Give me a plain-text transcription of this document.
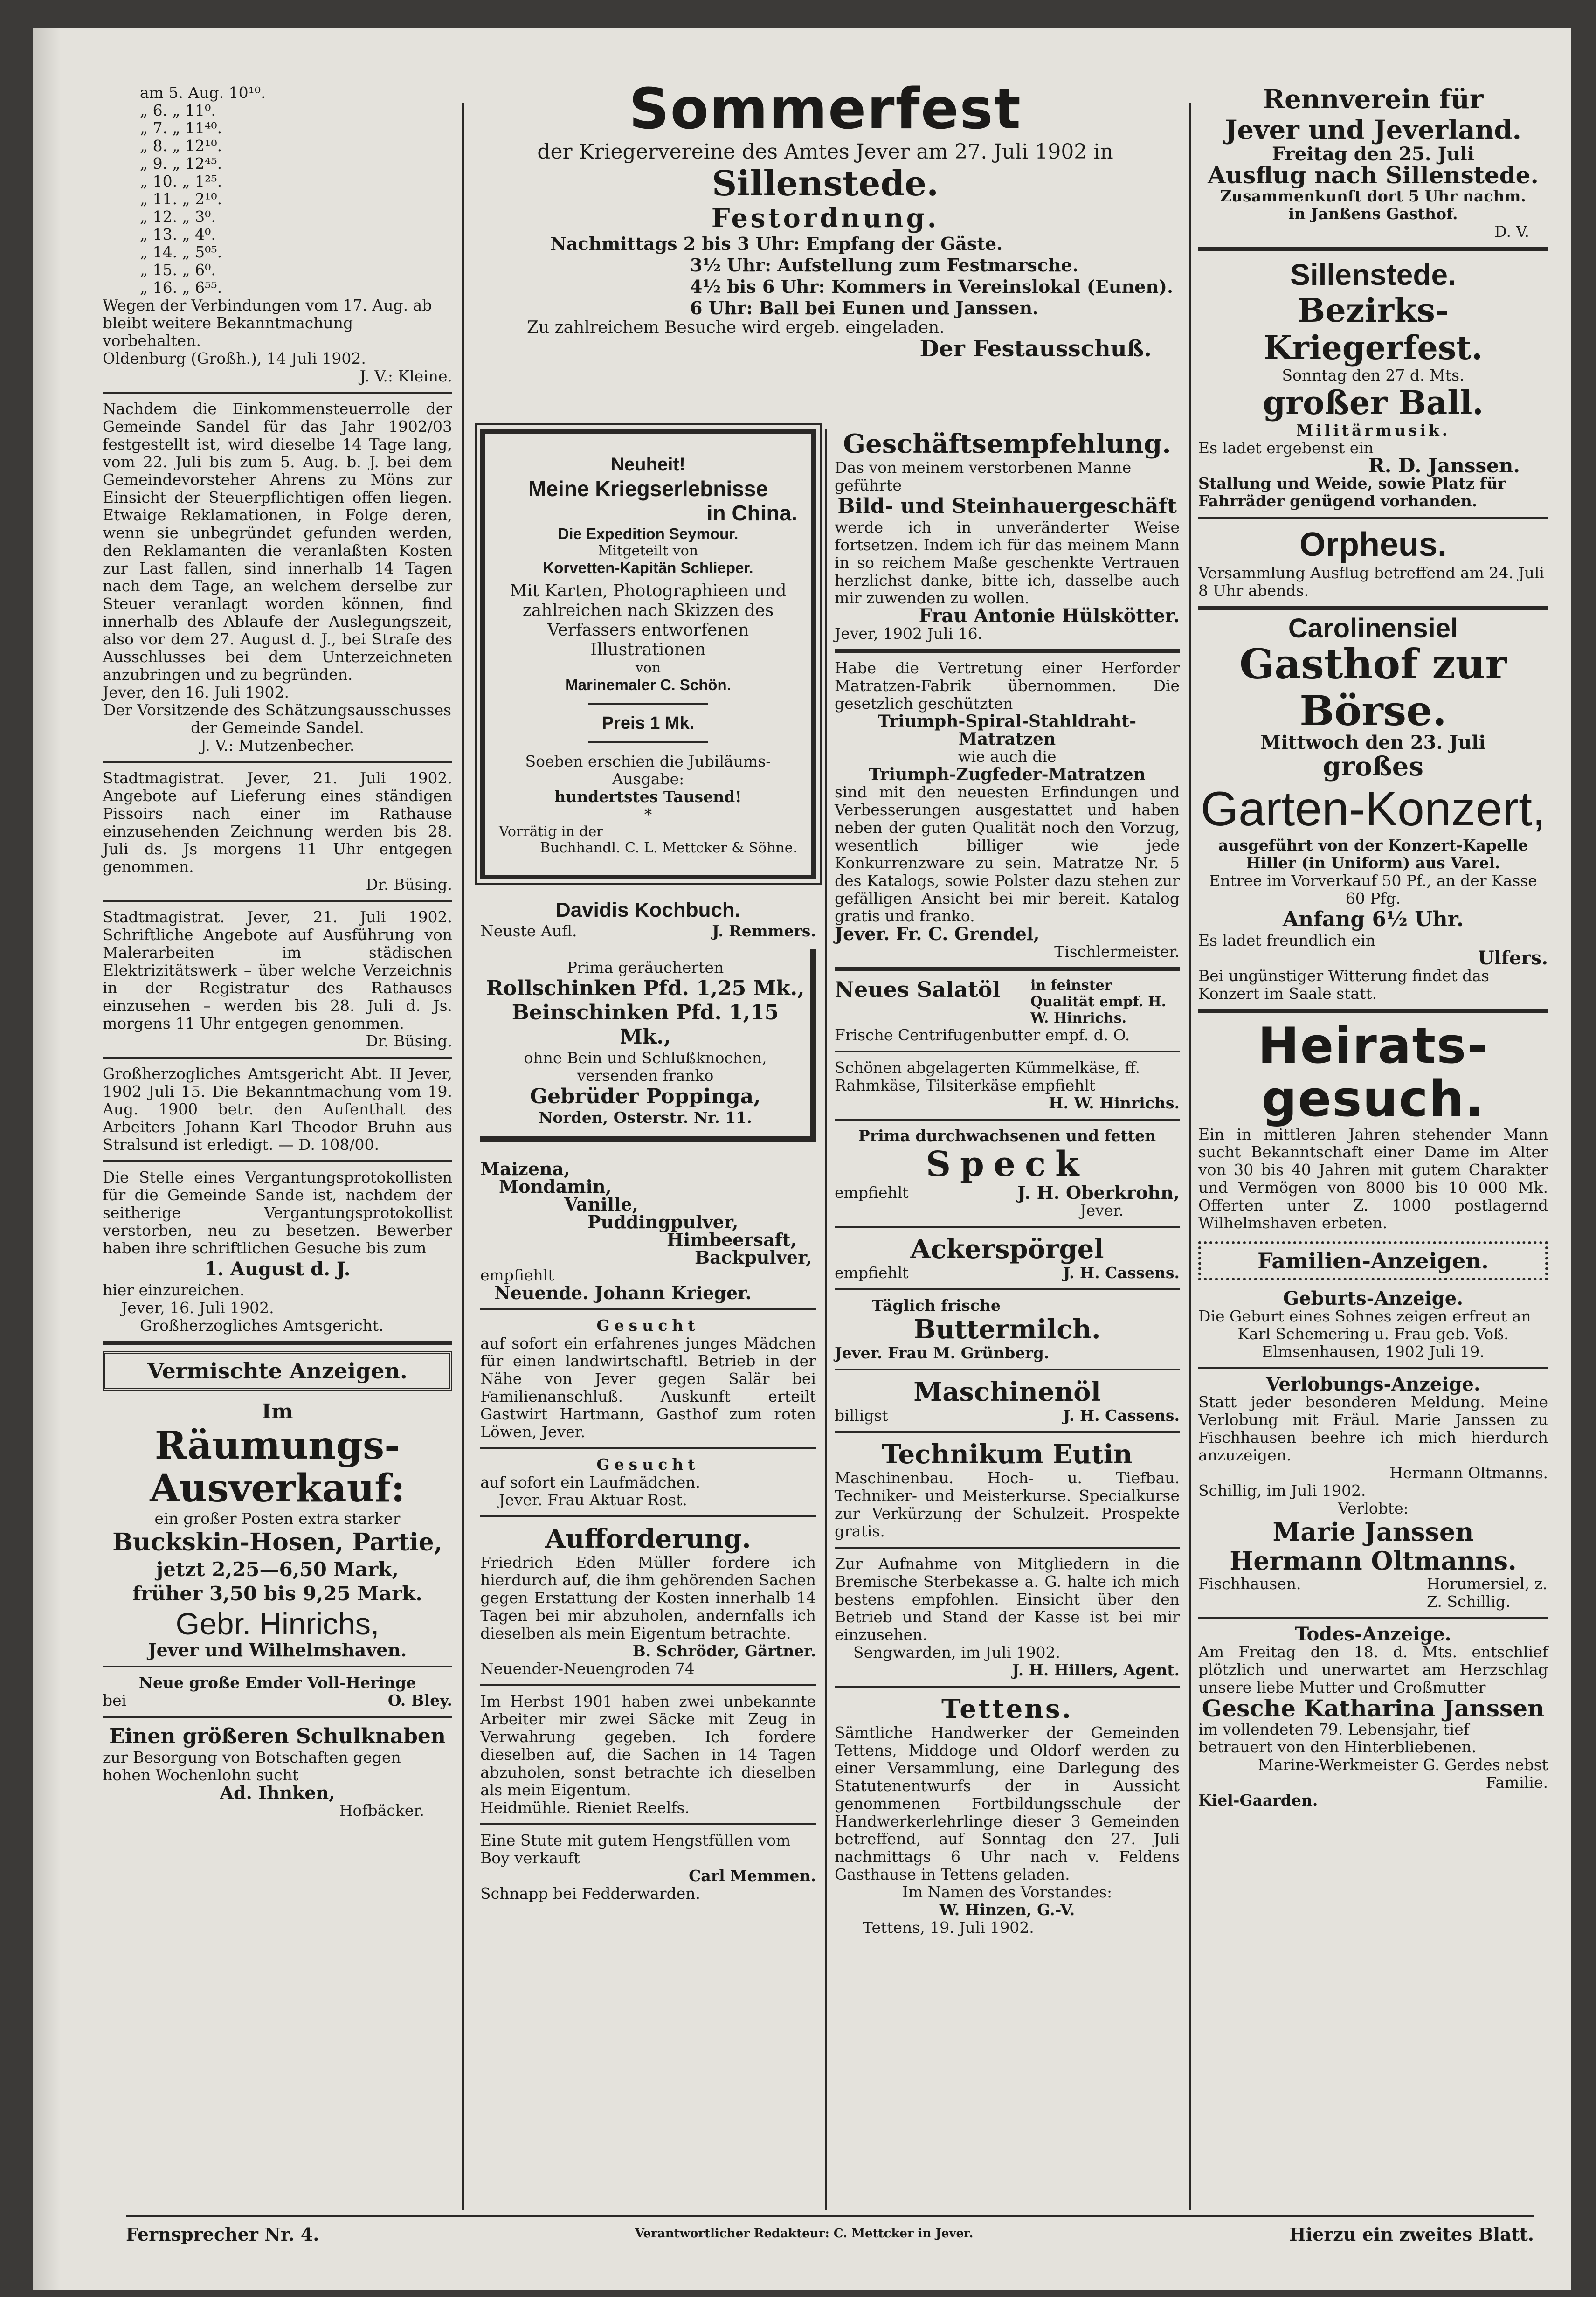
am 5. Aug. 10¹⁰.

„ 6. „ 11⁰.

„ 7. „ 11⁴⁰.

„ 8. „ 12¹⁰.

„ 9. „ 12⁴⁵.

„ 10. „ 1²⁵.

„ 11. „ 2¹⁰.

„ 12. „ 3⁰.

„ 13. „ 4⁰.

„ 14. „ 5⁰⁵.

„ 15. „ 6⁰.

„ 16. „ 6⁵⁵.

Wegen der Verbindungen vom 17. Aug. ab bleibt weitere Bekanntmachung vorbehalten.

Oldenburg (Großh.), 14 Juli 1902.

J. V.: Kleine.

Nachdem die Einkommensteuerrolle der Gemeinde Sandel für das Jahr 1902/03 festgestellt ist, wird dieselbe 14 Tage lang, vom 22. Juli bis zum 5. Aug. b. J. bei dem Gemeindevorsteher Ahrens zu Möns zur Einsicht der Steuerpflichtigen offen liegen. Etwaige Reklamationen, in Folge deren, wenn sie unbegründet gefunden werden, den Reklamanten die veranlaßten Kosten zur Last fallen, sind innerhalb 14 Tagen nach dem Tage, an welchem derselbe zur Steuer veranlagt worden können, find innerhalb des Ablaufe der Auslegungszeit, also vor dem 27. August d. J., bei Strafe des Ausschlusses bei dem Unterzeichneten anzubringen und zu begründen.

Jever, den 16. Juli 1902.

Der Vorsitzende des Schätzungsausschusses der Gemeinde Sandel.

J. V.: Mutzenbecher.

Stadtmagistrat. Jever, 21. Juli 1902. Angebote auf Lieferung eines ständigen Pissoirs nach einer im Rathause einzusehenden Zeichnung werden bis 28. Juli ds. Js morgens 11 Uhr entgegen genommen.

Dr. Büsing.

Stadtmagistrat. Jever, 21. Juli 1902. Schriftliche Angebote auf Ausführung von Malerarbeiten im städischen Elektrizitätswerk – über welche Verzeichnis in der Registratur des Rathauses einzusehen – werden bis 28. Juli d. Js. morgens 11 Uhr entgegen genommen.

Dr. Büsing.

Großherzogliches Amtsgericht Abt. II Jever, 1902 Juli 15. Die Bekanntmachung vom 19. Aug. 1900 betr. den Aufenthalt des Arbeiters Johann Karl Theodor Bruhn aus Stralsund ist erledigt. — D. 108/00.

Die Stelle eines Vergantungsprotokollisten für die Gemeinde Sande ist, nachdem der seitherige Vergantungsprotokollist verstorben, neu zu besetzen. Bewerber haben ihre schriftlichen Gesuche bis zum

1. August d. J.

hier einzureichen.

Jever, 16. Juli 1902.

Großherzogliches Amtsgericht.

Vermischte Anzeigen.

Im

Räumungs-

Ausverkauf:

ein großer Posten extra starker

Buckskin-Hosen, Partie,

jetzt 2,25—6,50 Mark,

früher 3,50 bis 9,25 Mark.

Gebr. Hinrichs,

Jever und Wilhelmshaven.

Neue große Emder Voll-Heringe

bei	O. Bley.

Einen größeren Schulknaben

zur Besorgung von Botschaften gegen hohen Wochenlohn sucht

Ad. Ihnken,

Hofbäcker.

Sommerfest

der Kriegervereine des Amtes Jever am 27. Juli 1902 in

Sillenstede.

Festordnung.

Nachmittags 2 bis 3 Uhr: Empfang der Gäste.

3½ Uhr: Aufstellung zum Festmarsche.

4½ bis 6 Uhr: Kommers in Vereinslokal (Eunen).

6 Uhr: Ball bei Eunen und Janssen.

Zu zahlreichem Besuche wird ergeb. eingeladen.

Der Festausschuß.

Neuheit!

Meine Kriegserlebnisse

in China.

Die Expedition Seymour.

Mitgeteilt von

Korvetten-Kapitän Schlieper.

Mit Karten, Photographieen und zahlreichen nach Skizzen des Verfassers entworfenen Illustrationen

von

Marinemaler C. Schön.

Preis 1 Mk.

Soeben erschien die Jubiläums-Ausgabe:

hundertstes Tausend!

*

Vorrätig in der

Buchhandl. C. L. Mettcker & Söhne.

Davidis Kochbuch.

Neuste Aufl.	J. Remmers.

Prima geräucherten

Rollschinken Pfd. 1,25 Mk.,

Beinschinken Pfd. 1,15 Mk.,

ohne Bein und Schlußknochen,

versenden franko

Gebrüder Poppinga,

Norden, Osterstr. Nr. 11.

Maizena,

Mondamin,

Vanille,

Puddingpulver,

Himbeersaft,

Backpulver,

empfiehlt

Neuende. Johann Krieger.

Gesucht

auf sofort ein erfahrenes junges Mädchen für einen landwirtschaftl. Betrieb in der Nähe von Jever gegen Salär bei Familienanschluß. Auskunft erteilt Gastwirt Hartmann, Gasthof zum roten Löwen, Jever.

Gesucht

auf sofort ein Laufmädchen.

Jever. Frau Aktuar Rost.

Aufforderung.

Friedrich Eden Müller fordere ich hierdurch auf, die ihm gehörenden Sachen gegen Erstattung der Kosten innerhalb 14 Tagen bei mir abzuholen, andernfalls ich dieselben als mein Eigentum betrachte.

B. Schröder, Gärtner.

Neuender-Neuengroden 74

Im Herbst 1901 haben zwei unbekannte Arbeiter mir zwei Säcke mit Zeug in Verwahrung gegeben. Ich fordere dieselben auf, die Sachen in 14 Tagen abzuholen, sonst betrachte ich dieselben als mein Eigentum.

Heidmühle. Rieniet Reelfs.

Eine Stute mit gutem Hengstfüllen vom Boy verkauft

Carl Memmen.

Schnapp bei Fedderwarden.

Geschäftsempfehlung.

Das von meinem verstorbenen Manne geführte

Bild- und Steinhauergeschäft

werde ich in unveränderter Weise fortsetzen. Indem ich für das meinem Mann in so reichem Maße geschenkte Vertrauen herzlichst danke, bitte ich, dasselbe auch mir zuwenden zu wollen.

Frau Antonie Hülskötter.

Jever, 1902 Juli 16.

Habe die Vertretung einer Herforder Matratzen-Fabrik übernommen. Die gesetzlich geschützten

Triumph-Spiral-Stahldraht-Matratzen

wie auch die

Triumph-Zugfeder-Matratzen

sind mit den neuesten Erfindungen und Verbesserungen ausgestattet und haben neben der guten Qualität noch den Vorzug, wesentlich billiger wie jede Konkurrenzware zu sein. Matratze Nr. 5 des Katalogs, sowie Polster dazu stehen zur gefälligen Ansicht bei mir bereit. Katalog gratis und franko.

Jever. Fr. C. Grendel,

Tischlermeister.

Neues Salatöl in feinster Qualität empf. H. W. Hinrichs.

Frische Centrifugenbutter empf. d. O.

Schönen abgelagerten Kümmelkäse, ff. Rahmkäse, Tilsiterkäse empfiehlt

H. W. Hinrichs.

Prima durchwachsenen und fetten

Speck

empfiehlt	J. H. Oberkrohn,

Jever.

Ackerspörgel

empfiehlt	J. H. Cassens.

Täglich frische

Buttermilch.

Jever. Frau M. Grünberg.

Maschinenöl

billigst	J. H. Cassens.

Technikum Eutin

Maschinenbau. Hoch- u. Tiefbau. Techniker- und Meisterkurse. Specialkurse zur Verkürzung der Schulzeit. Prospekte gratis.

Zur Aufnahme von Mitgliedern in die Bremische Sterbekasse a. G. halte ich mich bestens empfohlen. Einsicht über den Betrieb und Stand der Kasse ist bei mir einzusehen.

Sengwarden, im Juli 1902.

J. H. Hillers, Agent.

Tettens.

Sämtliche Handwerker der Gemeinden Tettens, Middoge und Oldorf werden zu einer Versammlung, eine Darlegung des Statutenentwurfs der in Aussicht genommenen Fortbildungsschule der Handwerkerlehrlinge dieser 3 Gemeinden betreffend, auf Sonntag den 27. Juli nachmittags 6 Uhr nach v. Feldens Gasthause in Tettens geladen.

Im Namen des Vorstandes:

W. Hinzen, G.-V.

Tettens, 19. Juli 1902.

Rennverein für

Jever und Jeverland.

Freitag den 25. Juli

Ausflug nach Sillenstede.

Zusammenkunft dort 5 Uhr nachm.

in Janßens Gasthof.

D. V.

Sillenstede.

Bezirks-Kriegerfest.

Sonntag den 27 d. Mts.

großer Ball.

Militärmusik.

Es ladet ergebenst ein

R. D. Janssen.

Stallung und Weide, sowie Platz für Fahrräder genügend vorhanden.

Orpheus.

Versammlung Ausflug betreffend am 24. Juli 8 Uhr abends.

Carolinensiel

Gasthof zur Börse.

Mittwoch den 23. Juli

großes

Garten-Konzert,

ausgeführt von der Konzert-Kapelle Hiller (in Uniform) aus Varel.

Entree im Vorverkauf 50 Pf., an der Kasse 60 Pfg.

Anfang 6½ Uhr.

Es ladet freundlich ein

Ulfers.

Bei ungünstiger Witterung findet das Konzert im Saale statt.

Heirats-

gesuch.

Ein in mittleren Jahren stehender Mann sucht Bekanntschaft einer Dame im Alter von 30 bis 40 Jahren mit gutem Charakter und Vermögen von 8000 bis 10 000 Mk. Offerten unter Z. 1000 postlagernd Wilhelmshaven erbeten.

Familien-Anzeigen.

Geburts-Anzeige.

Die Geburt eines Sohnes zeigen erfreut an

Karl Schemering u. Frau geb. Voß.

Elmsenhausen, 1902 Juli 19.

Verlobungs-Anzeige.

Statt jeder besonderen Meldung. Meine Verlobung mit Fräul. Marie Janssen zu Fischhausen beehre ich mich hierdurch anzuzeigen.

Hermann Oltmanns.

Schillig, im Juli 1902.

Verlobte:

Marie Janssen

Hermann Oltmanns.

Fischhausen.	Horumersiel, z. Z. Schillig.

Todes-Anzeige.

Am Freitag den 18. d. Mts. entschlief plötzlich und unerwartet am Herzschlag unsere liebe Mutter und Großmutter

Gesche Katharina Janssen

im vollendeten 79. Lebensjahr, tief betrauert von den Hinterbliebenen.

Marine-Werkmeister G. Gerdes nebst Familie.

Kiel-Gaarden.

Fernsprecher Nr. 4.	Verantwortlicher Redakteur: C. Mettcker in Jever.	Hierzu ein zweites Blatt.
